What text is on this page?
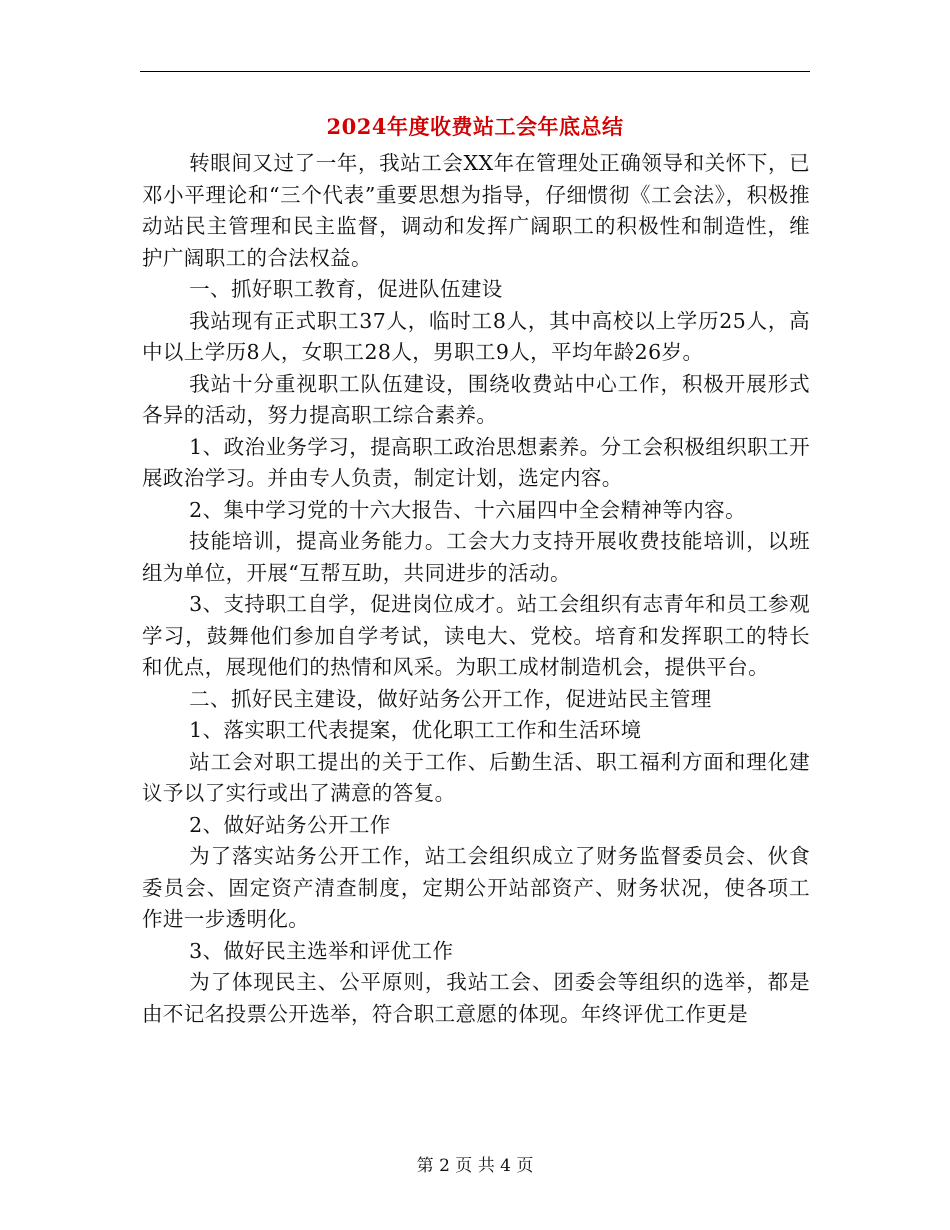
2024年度收费站工会年底总结

转眼间又过了一年，我站工会XX年在管理处正确领导和关怀下，已邓小平理论和“三个代表”重要思想为指导，仔细惯彻《工会法》，积极推动站民主管理和民主监督，调动和发挥广阔职工的积极性和制造性，维护广阔职工的合法权益。

一、抓好职工教育，促进队伍建设

我站现有正式职工37人，临时工8人，其中高校以上学历25人，高中以上学历8人，女职工28人，男职工9人，平均年龄26岁。

我站十分重视职工队伍建设，围绕收费站中心工作，积极开展形式各异的活动，努力提高职工综合素养。

1、政治业务学习，提高职工政治思想素养。分工会积极组织职工开展政治学习。并由专人负责，制定计划，选定内容。

2、集中学习党的十六大报告、十六届四中全会精神等内容。

技能培训，提高业务能力。工会大力支持开展收费技能培训，以班组为单位，开展“互帮互助，共同进步的活动。

3、支持职工自学，促进岗位成才。站工会组织有志青年和员工参观学习，鼓舞他们参加自学考试，读电大、党校。培育和发挥职工的特长和优点，展现他们的热情和风采。为职工成材制造机会，提供平台。

二、抓好民主建设，做好站务公开工作，促进站民主管理

1、落实职工代表提案，优化职工工作和生活环境

站工会对职工提出的关于工作、后勤生活、职工福利方面和理化建议予以了实行或出了满意的答复。

2、做好站务公开工作

为了落实站务公开工作，站工会组织成立了财务监督委员会、伙食委员会、固定资产清查制度，定期公开站部资产、财务状况，使各项工作进一步透明化。

3、做好民主选举和评优工作

为了体现民主、公平原则，我站工会、团委会等组织的选举，都是由不记名投票公开选举，符合职工意愿的体现。年终评优工作更是

第 2 页 共 4 页
